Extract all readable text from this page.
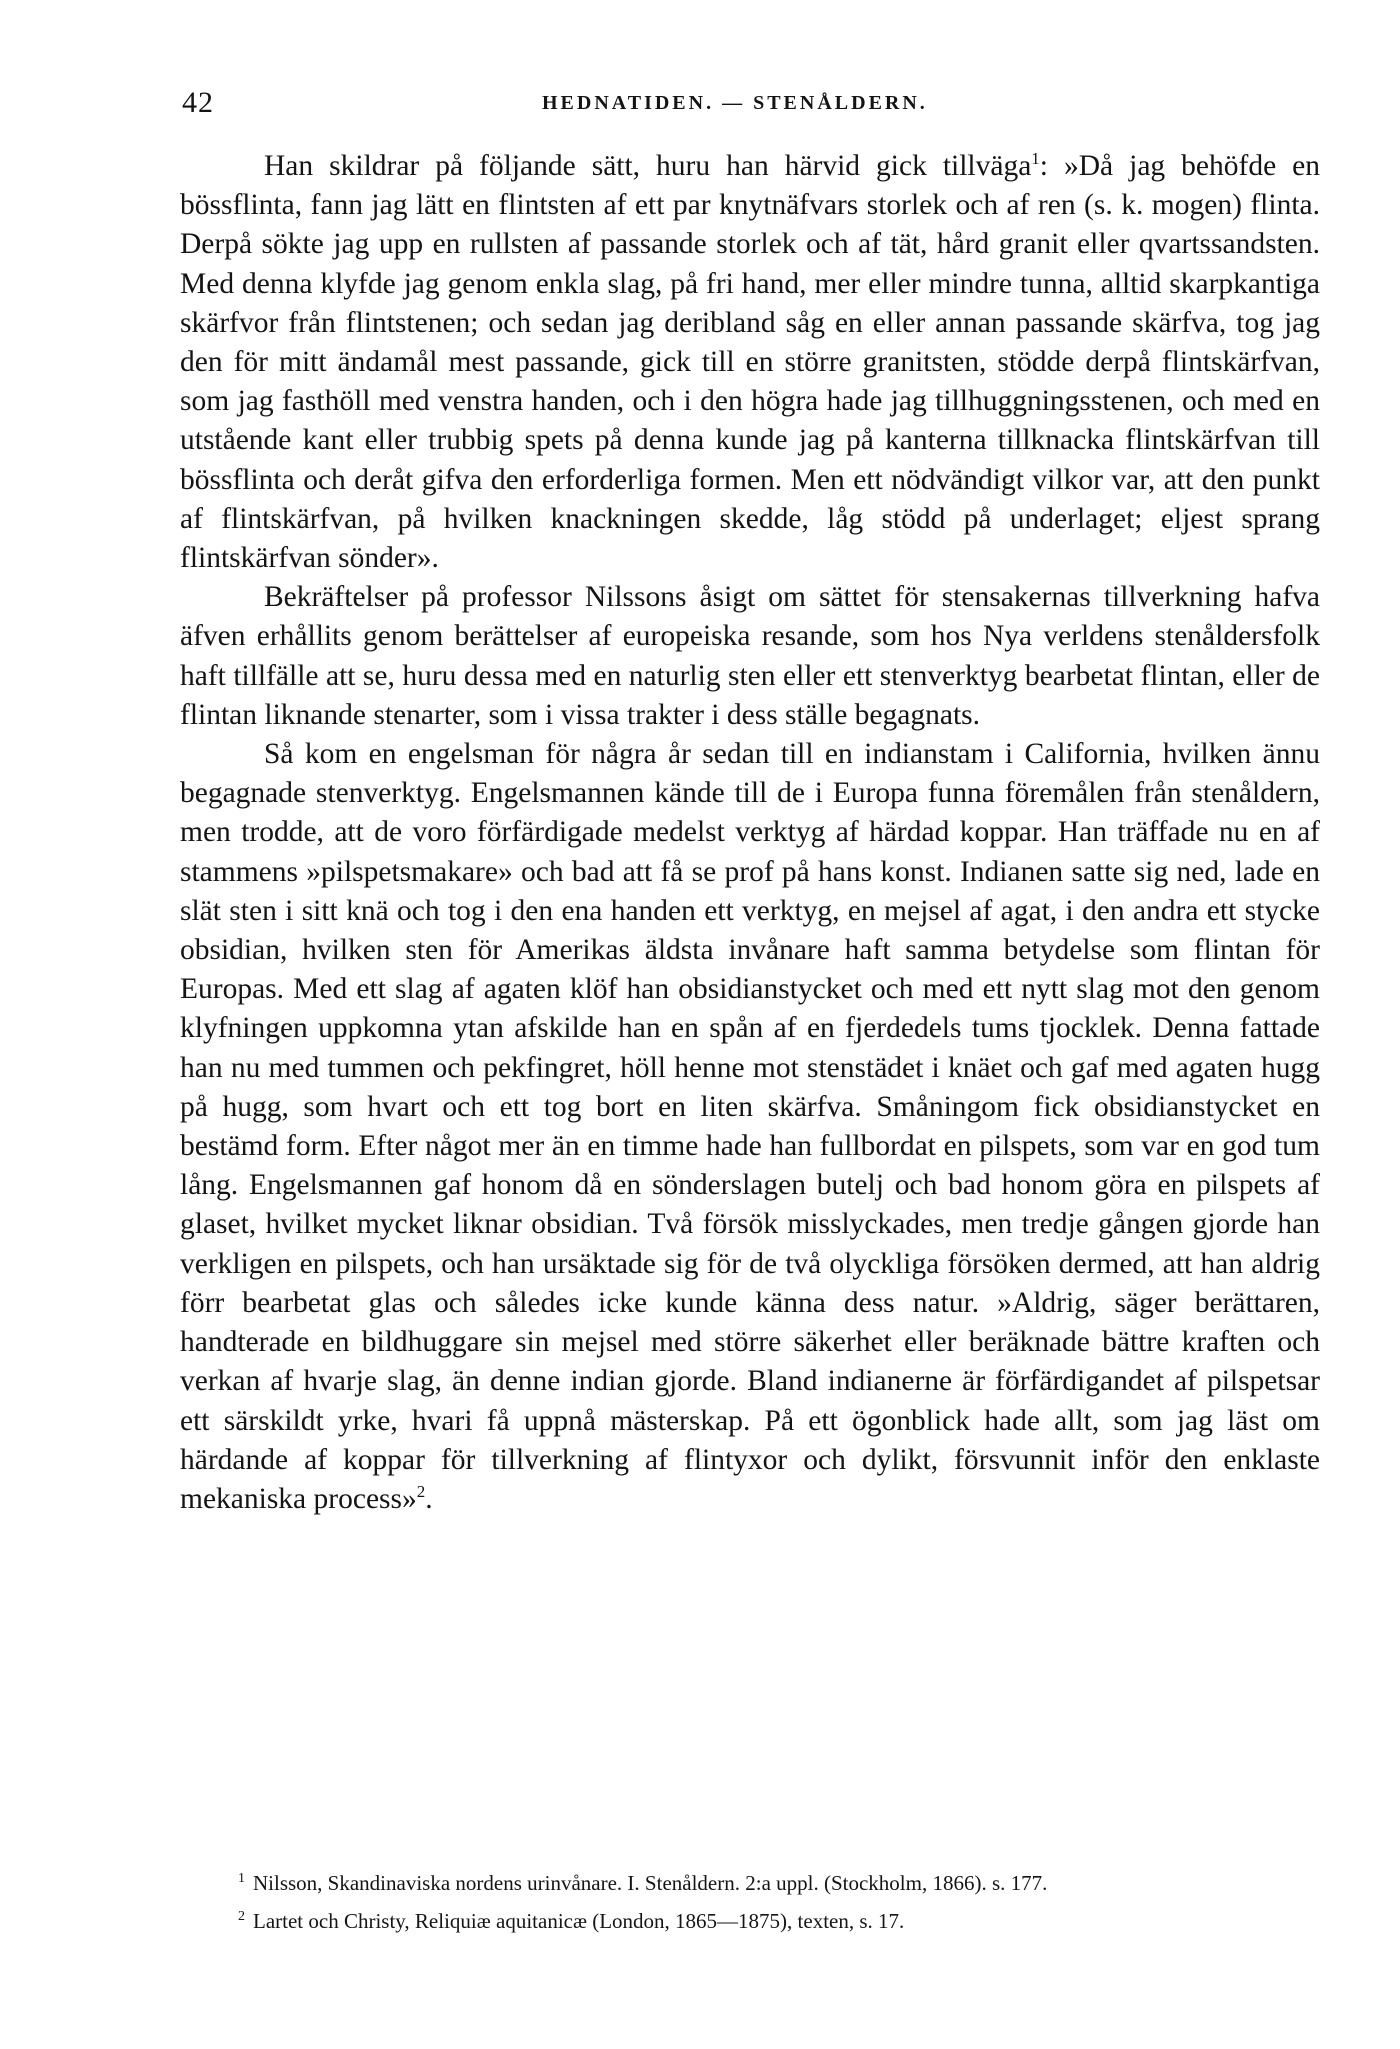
42	HEDNATIDEN. — STENÅLDERN.

Han skildrar på följande sätt, huru han härvid gick tillväga$^1$: »Då jag behöfde en bössflinta, fann jag lätt en flintsten af ett par knytnäfvars storlek och af ren (s. k. mogen) flinta. Derpå sökte jag upp en rullsten af passande storlek och af tät, hård granit eller qvartssandsten. Med denna klyfde jag genom enkla slag, på fri hand, mer eller mindre tunna, alltid skarpkantiga skärfvor från flintstenen; och sedan jag deribland såg en eller annan passande skärfva, tog jag den för mitt ändamål mest passande, gick till en större granitsten, stödde derpå flintskärfvan, som jag fasthöll med venstra handen, och i den högra hade jag tillhuggningsstenen, och med en utstående kant eller trubbig spets på denna kunde jag på kanterna tillknacka flintskärfvan till bössflinta och deråt gifva den erforderliga formen. Men ett nödvändigt vilkor var, att den punkt af flintskärfvan, på hvilken knackningen skedde, låg stödd på underlaget; eljest sprang flintskärfvan sönder».

Bekräftelser på professor Nilssons åsigt om sättet för stensakernas tillverkning hafva äfven erhållits genom berättelser af europeiska resande, som hos Nya verldens stenåldersfolk haft tillfälle att se, huru dessa med en naturlig sten eller ett stenverktyg bearbetat flintan, eller de flintan liknande stenarter, som i vissa trakter i dess ställe begagnats.

Så kom en engelsman för några år sedan till en indianstam i California, hvilken ännu begagnade stenverktyg. Engelsmannen kände till de i Europa funna föremålen från stenåldern, men trodde, att de voro förfärdigade medelst verktyg af härdad koppar. Han träffade nu en af stammens »pilspetsmakare» och bad att få se prof på hans konst. Indianen satte sig ned, lade en slät sten i sitt knä och tog i den ena handen ett verktyg, en mejsel af agat, i den andra ett stycke obsidian, hvilken sten för Amerikas äldsta invånare haft samma betydelse som flintan för Europas. Med ett slag af agaten klöf han obsidianstycket och med ett nytt slag mot den genom klyfningen uppkomna ytan afskilde han en spån af en fjerdedels tums tjocklek. Denna fattade han nu med tummen och pekfingret, höll henne mot stenstädet i knäet och gaf med agaten hugg på hugg, som hvart och ett tog bort en liten skärfva. Småningom fick obsidianstycket en bestämd form. Efter något mer än en timme hade han fullbordat en pilspets, som var en god tum lång. Engelsmannen gaf honom då en sönderslagen butelj och bad honom göra en pilspets af glaset, hvilket mycket liknar obsidian. Två försök misslyckades, men tredje gången gjorde han verkligen en pilspets, och han ursäktade sig för de två olyckliga försöken dermed, att han aldrig förr bearbetat glas och således icke kunde känna dess natur. »Aldrig, säger berättaren, handterade en bildhuggare sin mejsel med större säkerhet eller beräknade bättre kraften och verkan af hvarje slag, än denne indian gjorde. Bland indianerne är förfärdigandet af pilspetsar ett särskildt yrke, hvari få uppnå mästerskap. På ett ögonblick hade allt, som jag läst om härdande af koppar för tillverkning af flintyxor och dylikt, försvunnit inför den enklaste mekaniska process»$^2$.

$^1$ Nilsson, Skandinaviska nordens urinvånare. I. Stenåldern. 2:a uppl. (Stockholm, 1866). s. 177.
$^2$ Lartet och Christy, Reliquiæ aquitanicæ (London, 1865—1875), texten, s. 17.
